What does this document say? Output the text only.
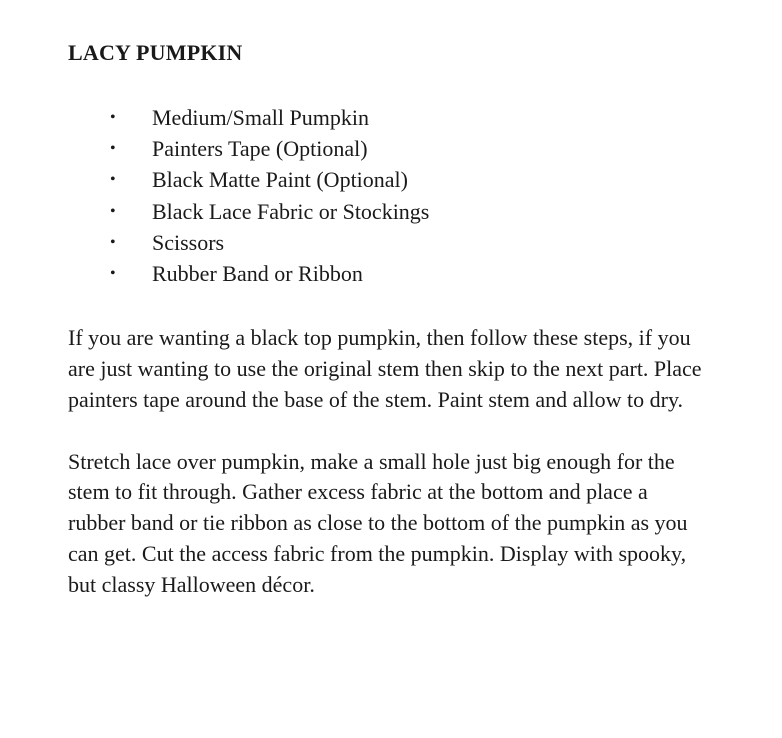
LACY PUMPKIN
• Medium/Small Pumpkin
• Painters Tape (Optional)
• Black Matte Paint (Optional)
• Black Lace Fabric or Stockings
• Scissors
• Rubber Band or Ribbon

If you are wanting a black top pumpkin, then follow these steps, if you are just wanting to use the original stem then skip to the next part. Place painters tape around the base of the stem. Paint stem and allow to dry.

Stretch lace over pumpkin, make a small hole just big enough for the stem to fit through. Gather excess fabric at the bottom and place a rubber band or tie ribbon as close to the bottom of the pumpkin as you can get. Cut the access fabric from the pumpkin. Display with spooky, but classy Halloween décor.
